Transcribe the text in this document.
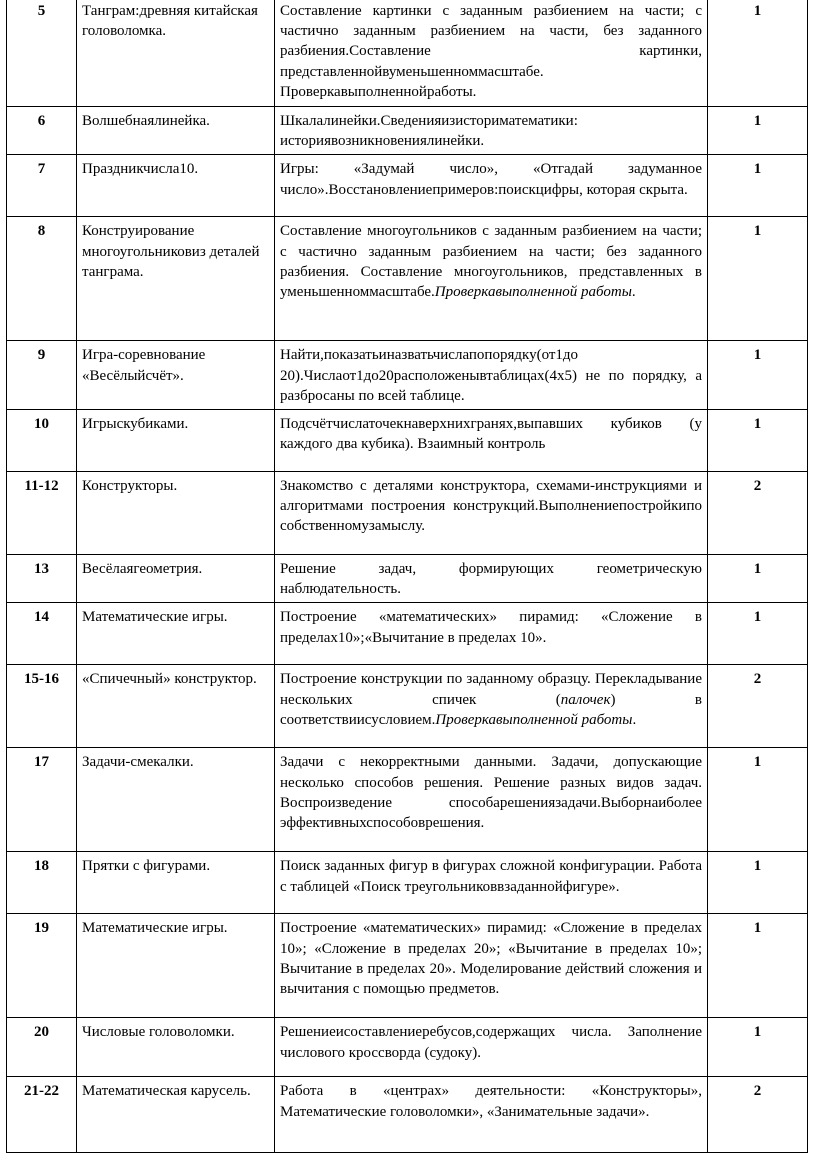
5	Танграм:древняя китайская головоломка.	Составление картинки с заданным разбиением на части; с частично заданным разбиением на части, без заданного разбиения.Составление картинки, представленнойвуменьшенноммасштабе. Проверкавыполненнойработы.	1
6	Волшебнаялинейка.	Шкалалинейки.Сведенияизисториматематики: историявозникновениялинейки.	1
7	Праздникчисла10.	Игры: «Задумай число», «Отгадай задуманное число».Восстановлениепримеров:поискцифры, которая скрыта.	1
8	Конструирование многоугольниковиз деталей танграма.	Составление многоугольников с заданным разбиением на части; с частично заданным разбиением на части; без заданного разбиения. Составление многоугольников, представленных в уменьшенноммасштабе.Проверкавыполненной работы.	1
9	Игра-соревнование «Весёлыйсчёт».	Найти,показатьиназватьчислапопорядку(от1до 20).Числаот1до20расположенывтаблицах(4х5) не по порядку, а разбросаны по всей таблице.	1
10	Игрыскубиками.	Подсчётчислаточекнаверхнихгранях,выпавших кубиков (у каждого два кубика). Взаимный контроль	1
11-12	Конструкторы.	Знакомство с деталями конструктора, схемами-инструкциями и алгоритмами построения конструкций.Выполнениепостройкипо собственномузамыслу.	2
13	Весёлаягеометрия.	Решение задач, формирующих геометрическую наблюдательность.	1
14	Математические игры.	Построение «математических» пирамид: «Сложение в пределах10»;«Вычитание в пределах 10».	1
15-16	«Спичечный» конструктор.	Построение конструкции по заданному образцу. Перекладывание нескольких спичек (палочек) в соответствиисусловием.Проверкавыполненной работы.	2
17	Задачи-смекалки.	Задачи с некорректными данными. Задачи, допускающие несколько способов решения. Решение разных видов задач. Воспроизведение способарешениязадачи.Выборнаиболее эффективныхспособоврешения.	1
18	Прятки с фигурами.	Поиск заданных фигур в фигурах сложной конфигурации. Работа с таблицей «Поиск треугольниковвзаданнойфигуре».	1
19	Математические игры.	Построение «математических» пирамид: «Сложение в пределах 10»; «Сложение в пределах 20»; «Вычитание в пределах 10»; Вычитание в пределах 20». Моделирование действий сложения и вычитания с помощью предметов.	1
20	Числовые головоломки.	Решениеисоставлениеребусов,содержащих числа. Заполнение числового кроссворда (судоку).	1
21-22	Математическая карусель.	Работа в «центрах» деятельности: «Конструкторы», Математические головоломки», «Занимательные задачи».	2
